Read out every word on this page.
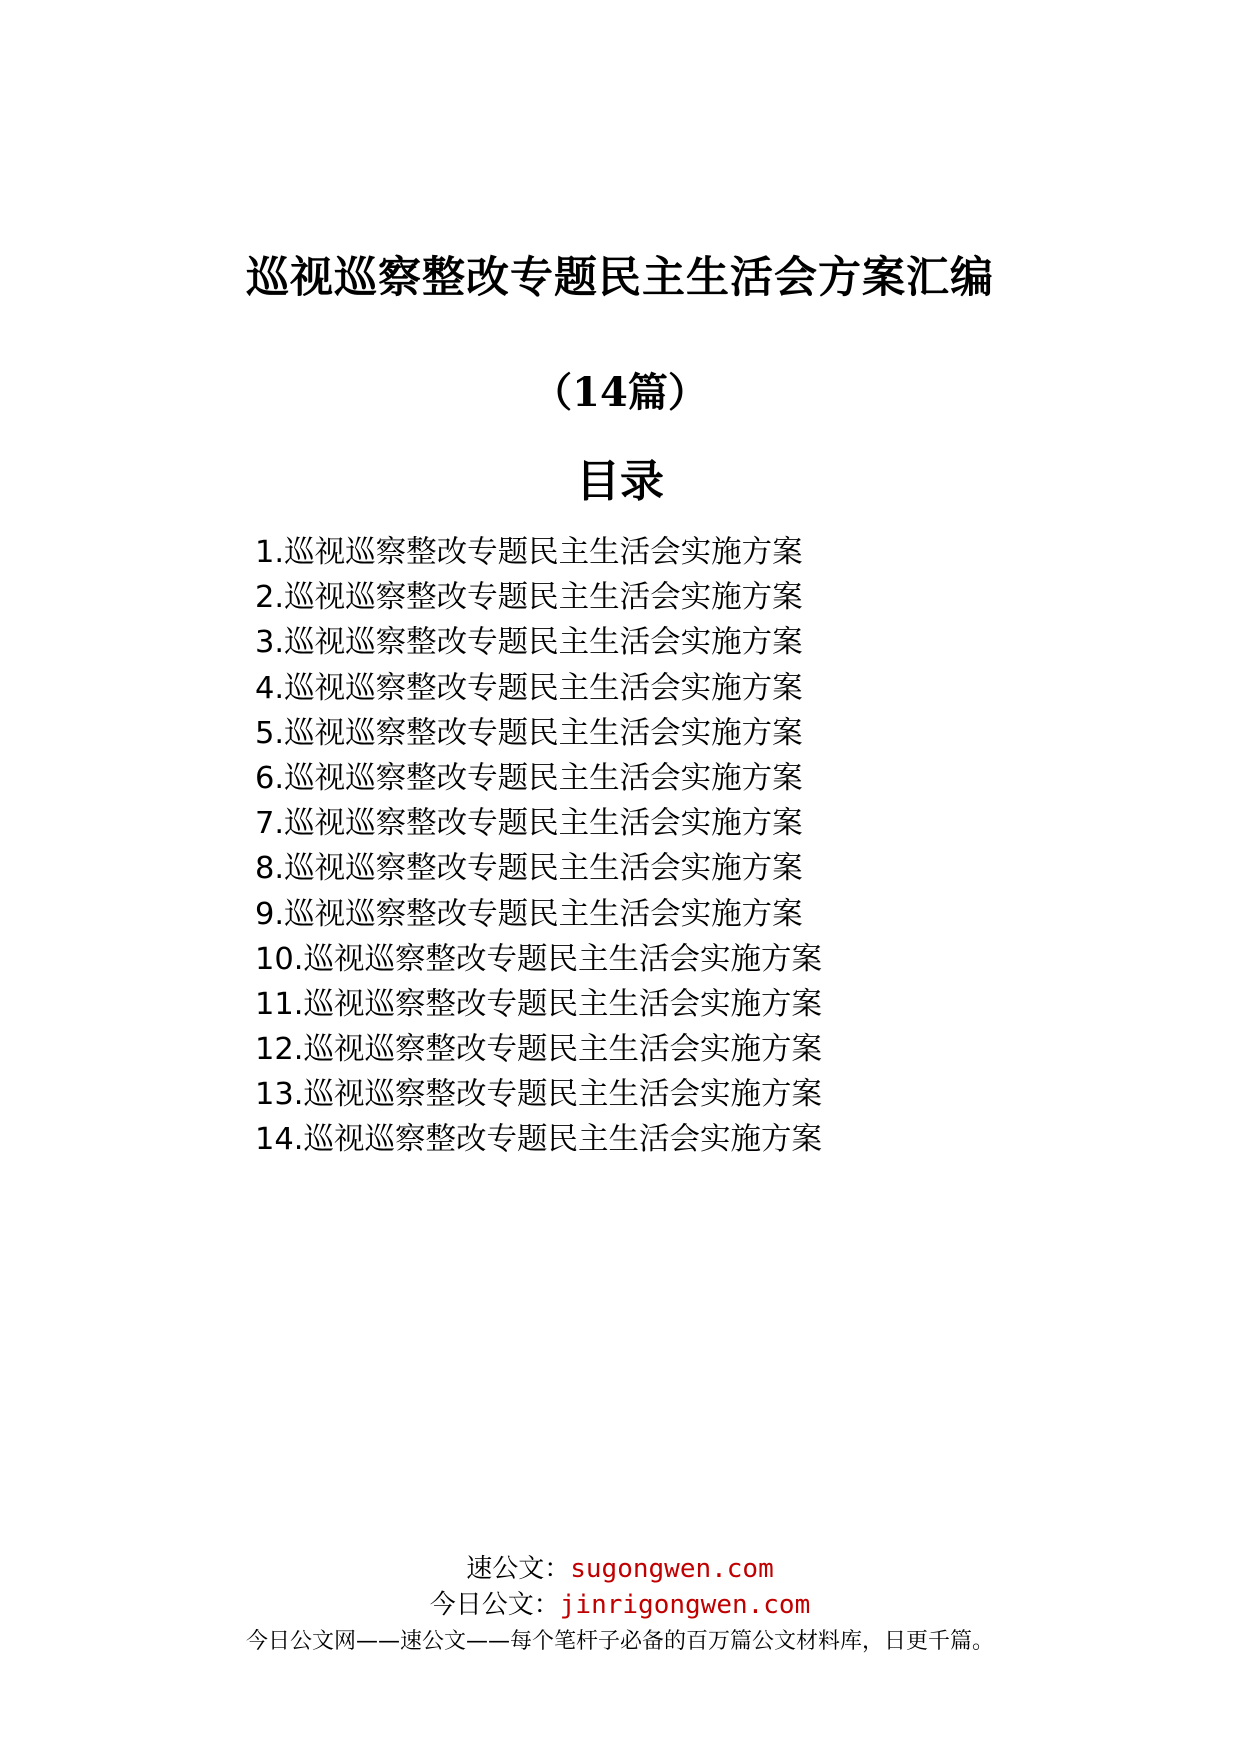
巡视巡察整改专题民主生活会方案汇编
（14篇）
目录
1.巡视巡察整改专题民主生活会实施方案
2.巡视巡察整改专题民主生活会实施方案
3.巡视巡察整改专题民主生活会实施方案
4.巡视巡察整改专题民主生活会实施方案
5.巡视巡察整改专题民主生活会实施方案
6.巡视巡察整改专题民主生活会实施方案
7.巡视巡察整改专题民主生活会实施方案
8.巡视巡察整改专题民主生活会实施方案
9.巡视巡察整改专题民主生活会实施方案
10.巡视巡察整改专题民主生活会实施方案
11.巡视巡察整改专题民主生活会实施方案
12.巡视巡察整改专题民主生活会实施方案
13.巡视巡察整改专题民主生活会实施方案
14.巡视巡察整改专题民主生活会实施方案
速公文：sugongwen.com
今日公文：jinrigongwen.com
今日公文网——速公文——每个笔杆子必备的百万篇公文材料库，日更千篇。
